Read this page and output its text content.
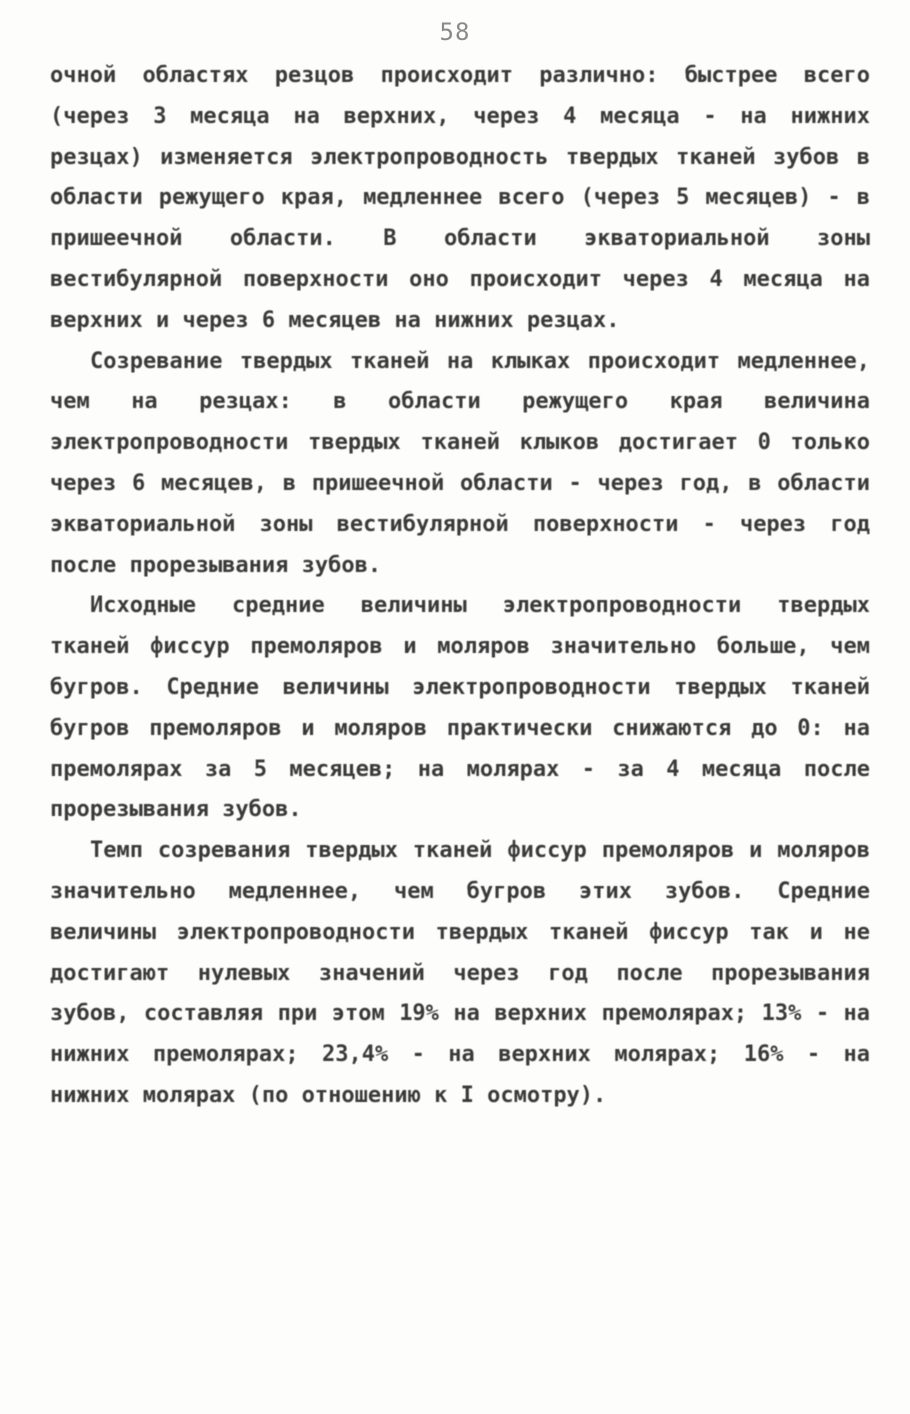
58

очной областях резцов происходит различно: быстрее всего (через 3 месяца на верхних, через 4 месяца - на нижних резцах) изменяется электропроводность твердых тканей зубов в области режущего края, медленнее всего (через 5 месяцев) - в пришеечной области. В области экваториальной зоны вестибулярной поверхности оно происходит через 4 месяца на верхних и через 6 месяцев на нижних резцах.

Созревание твердых тканей на клыках происходит медленнее, чем на резцах: в области режущего края величина электропроводности твердых тканей клыков достигает 0 только через 6 месяцев, в пришеечной области - через год, в области экваториальной зоны вестибулярной поверхности - через год после прорезывания зубов.

Исходные средние величины электропроводности твердых тканей фиссур премоляров и моляров значительно больше, чем бугров. Средние величины электропроводности твердых тканей бугров премоляров и моляров практически снижаются до 0: на премолярах за 5 месяцев; на молярах - за 4 месяца после прорезывания зубов.

Темп созревания твердых тканей фиссур премоляров и моляров значительно медленнее, чем бугров этих зубов. Средние величины электропроводности твердых тканей фиссур так и не достигают нулевых значений через год после прорезывания зубов, составляя при этом 19% на верхних премолярах; 13% - на нижних премолярах; 23,4% - на верхних молярах; 16% - на нижних молярах (по отношению к I осмотру).
